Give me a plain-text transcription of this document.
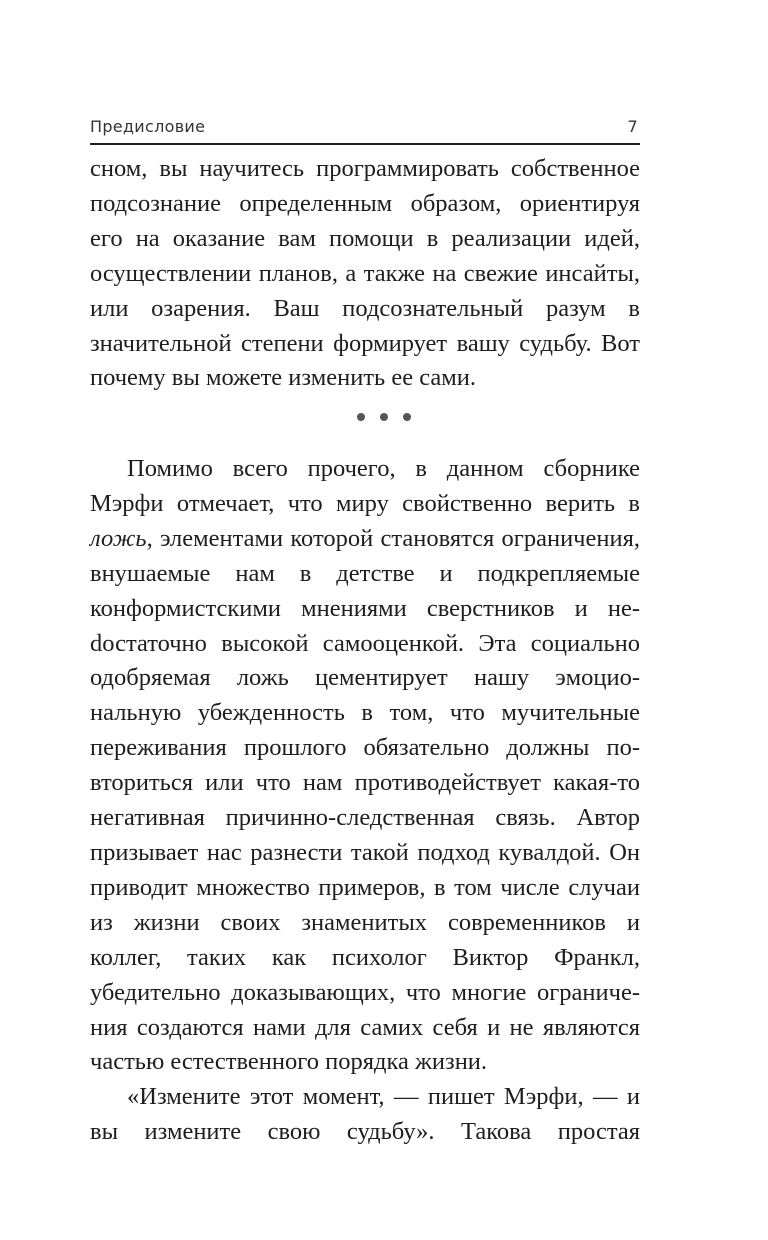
Предисловие	7

сном, вы научитесь программировать собственное подсознание определенным образом, ориентируя его на оказание вам помощи в реализации идей, осуществлении планов, а также на свежие инсайты, или озарения. Ваш подсознательный разум в значительной степени формирует вашу судьбу. Вот почему вы можете изменить ее сами.

Помимо всего прочего, в данном сборнике Мэрфи отмечает, что миру свойственно верить в ложь, элементами которой становятся ограничения, внушаемые нам в детстве и подкрепляемые конформистскими мнениями сверстников и неdостаточно высокой самооценкой. Эта социально одобряемая ложь цементирует нашу эмоциональную убежденность в том, что мучительные переживания прошлого обязательно должны повториться или что нам противодействует какая-то негативная причинно-следственная связь. Автор призывает нас разнести такой подход кувалдой. Он приводит множество примеров, в том числе случаи из жизни своих знаменитых современников и коллег, таких как психолог Виктор Франкл, убедительно доказывающих, что многие ограничения создаются нами для самих себя и не являются частью естественного порядка жизни.

«Измените этот момент, — пишет Мэрфи, — и вы измените свою судьбу». Такова простая
